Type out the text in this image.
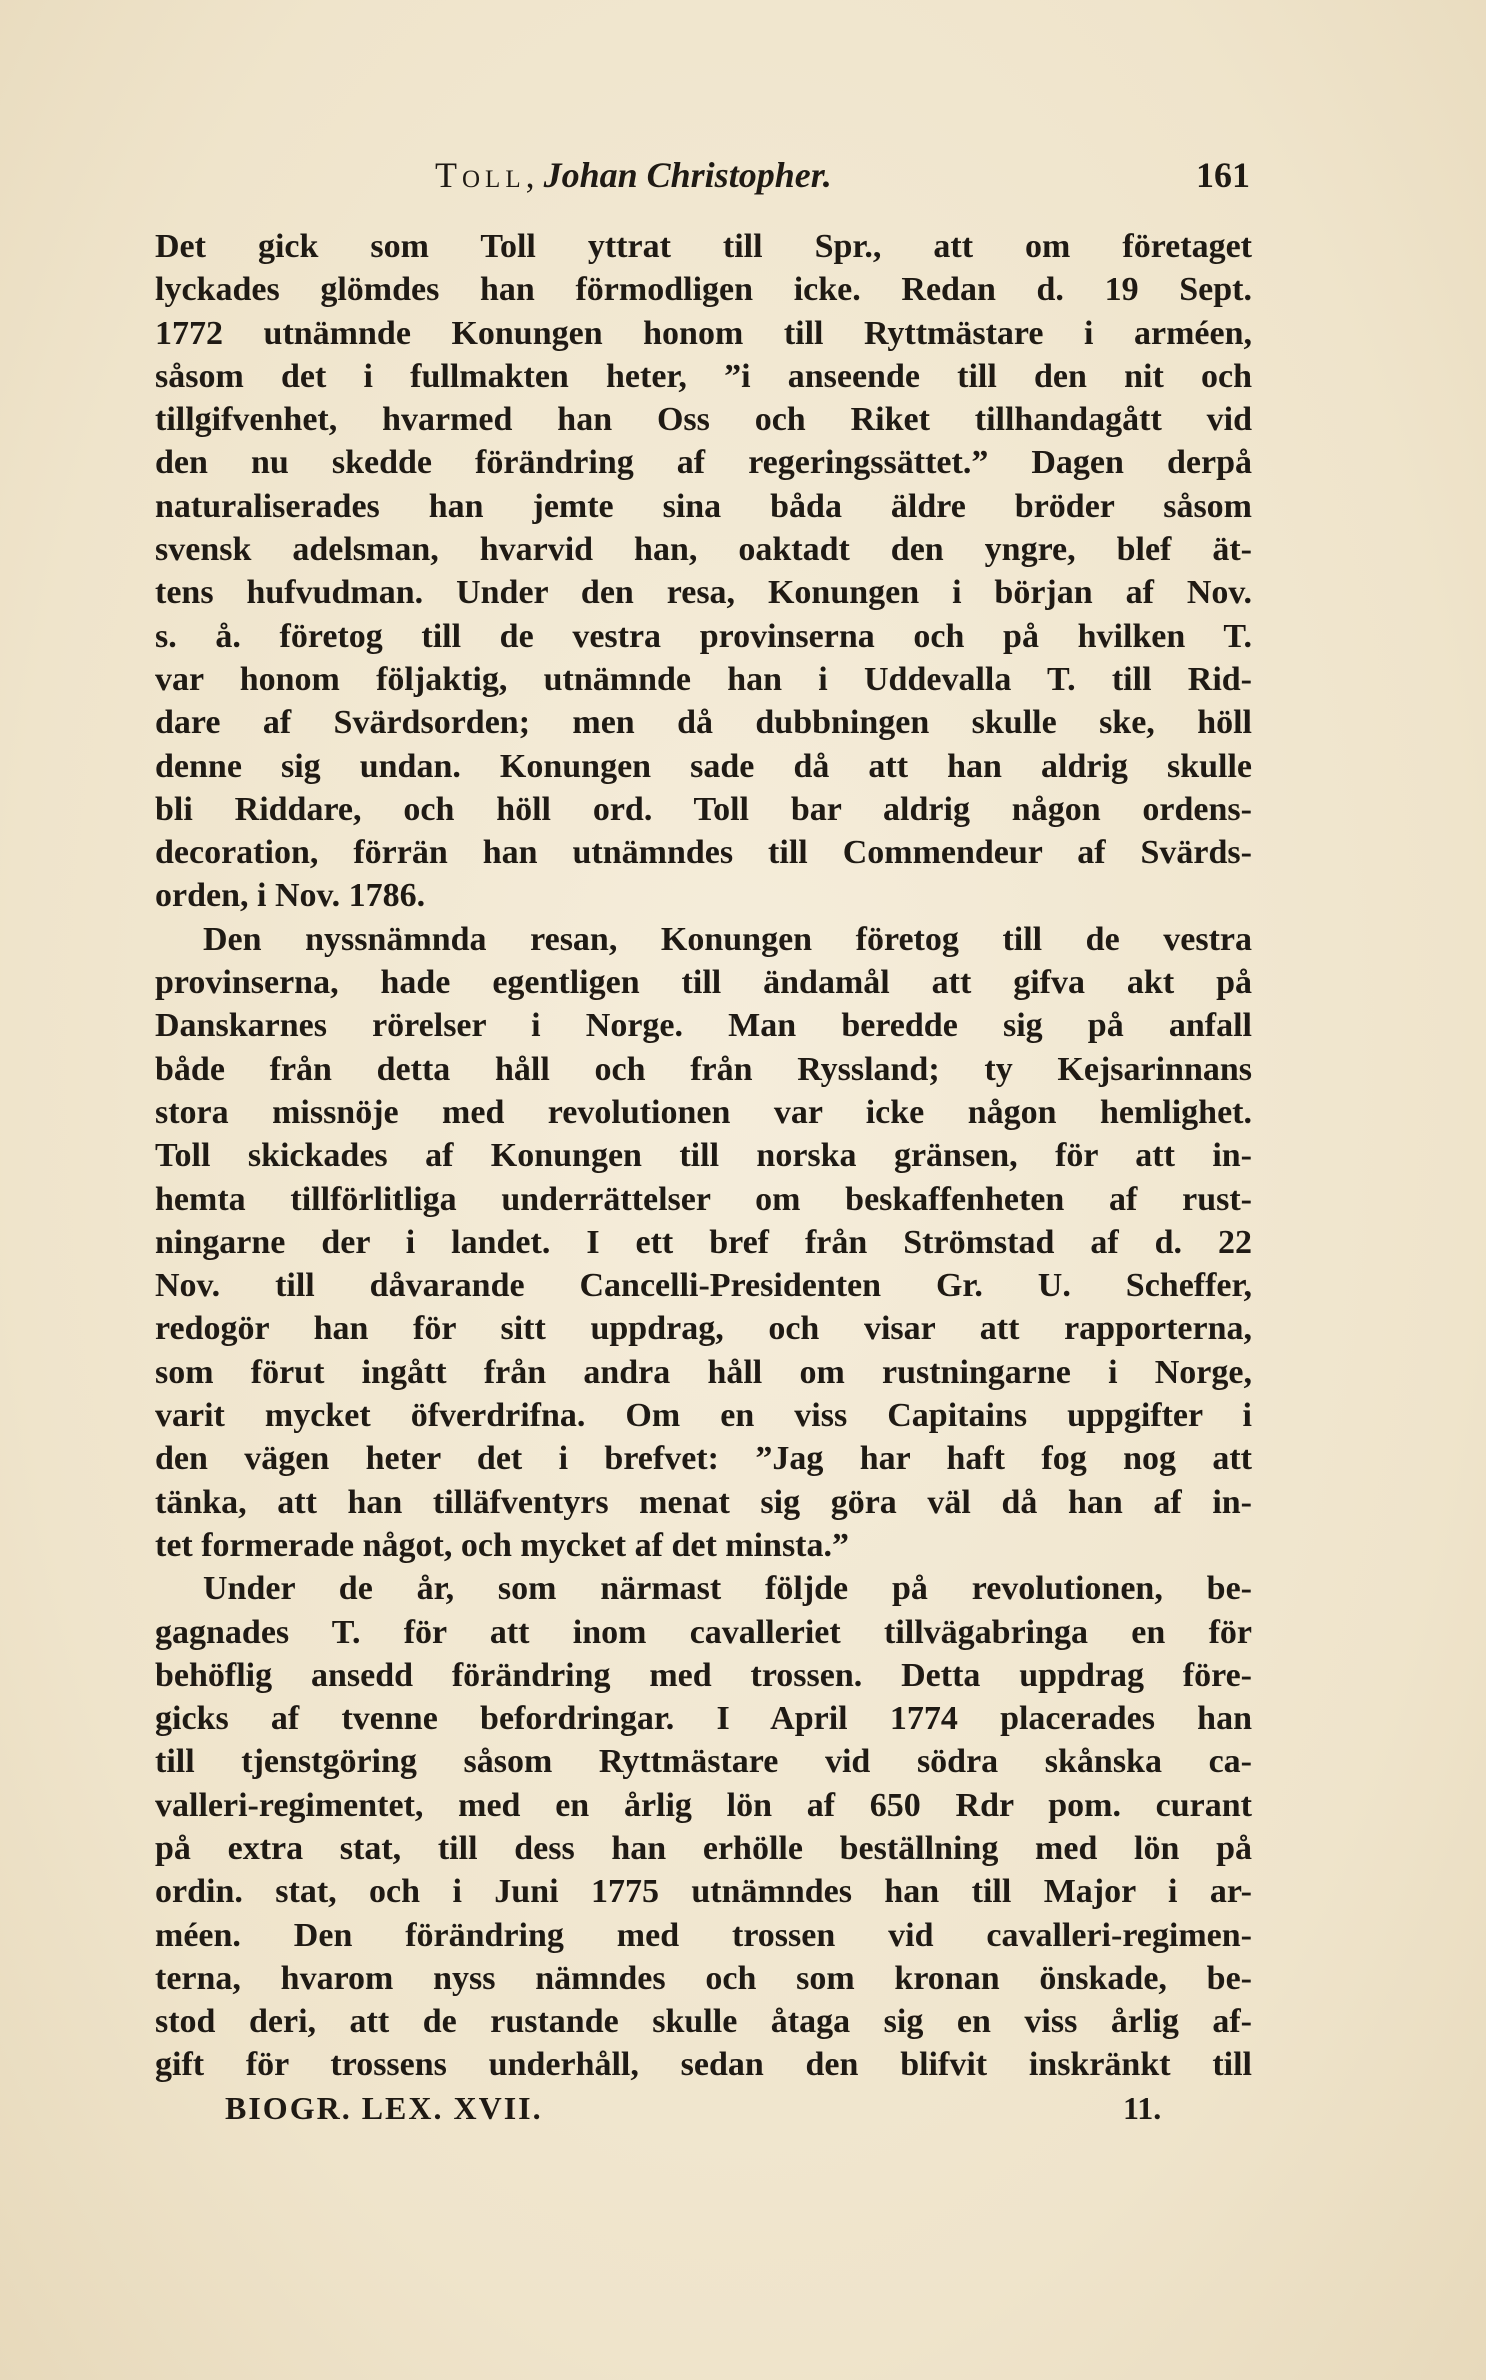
Toll, Johan Christopher.	161
Det gick som Toll yttrat till Spr., att om företaget
lyckades glömdes han förmodligen icke. Redan d. 19 Sept.
1772 utnämnde Konungen honom till Ryttmästare i arméen,
såsom det i fullmakten heter, ”i anseende till den nit och
tillgifvenhet, hvarmed han Oss och Riket tillhandagått vid
den nu skedde förändring af regeringssättet.” Dagen derpå
naturaliserades han jemte sina båda äldre bröder såsom
svensk adelsman, hvarvid han, oaktadt den yngre, blef ät-
tens hufvudman. Under den resa, Konungen i början af Nov.
s. å. företog till de vestra provinserna och på hvilken T.
var honom följaktig, utnämnde han i Uddevalla T. till Rid-
dare af Svärdsorden; men då dubbningen skulle ske, höll
denne sig undan. Konungen sade då att han aldrig skulle
bli Riddare, och höll ord. Toll bar aldrig någon ordens-
decoration, förrän han utnämndes till Commendeur af Svärds-
orden, i Nov. 1786.
Den nyssnämnda resan, Konungen företog till de vestra
provinserna, hade egentligen till ändamål att gifva akt på
Danskarnes rörelser i Norge. Man beredde sig på anfall
både från detta håll och från Ryssland; ty Kejsarinnans
stora missnöje med revolutionen var icke någon hemlighet.
Toll skickades af Konungen till norska gränsen, för att in-
hemta tillförlitliga underrättelser om beskaffenheten af rust-
ningarne der i landet. I ett bref från Strömstad af d. 22
Nov. till dåvarande Cancelli-Presidenten Gr. U. Scheffer,
redogör han för sitt uppdrag, och visar att rapporterna,
som förut ingått från andra håll om rustningarne i Norge,
varit mycket öfverdrifna. Om en viss Capitains uppgifter i
den vägen heter det i brefvet: ”Jag har haft fog nog att
tänka, att han tilläfventyrs menat sig göra väl då han af in-
tet formerade något, och mycket af det minsta.”
Under de år, som närmast följde på revolutionen, be-
gagnades T. för att inom cavalleriet tillvägabringa en för
behöflig ansedd förändring med trossen. Detta uppdrag före-
gicks af tvenne befordringar. I April 1774 placerades han
till tjenstgöring såsom Ryttmästare vid södra skånska ca-
valleri-regimentet, med en årlig lön af 650 Rdr pom. curant
på extra stat, till dess han erhölle beställning med lön på
ordin. stat, och i Juni 1775 utnämndes han till Major i ar-
méen. Den förändring med trossen vid cavalleri-regimen-
terna, hvarom nyss nämndes och som kronan önskade, be-
stod deri, att de rustande skulle åtaga sig en viss årlig af-
gift för trossens underhåll, sedan den blifvit inskränkt till
BIOGR. LEX. XVII.	11.
